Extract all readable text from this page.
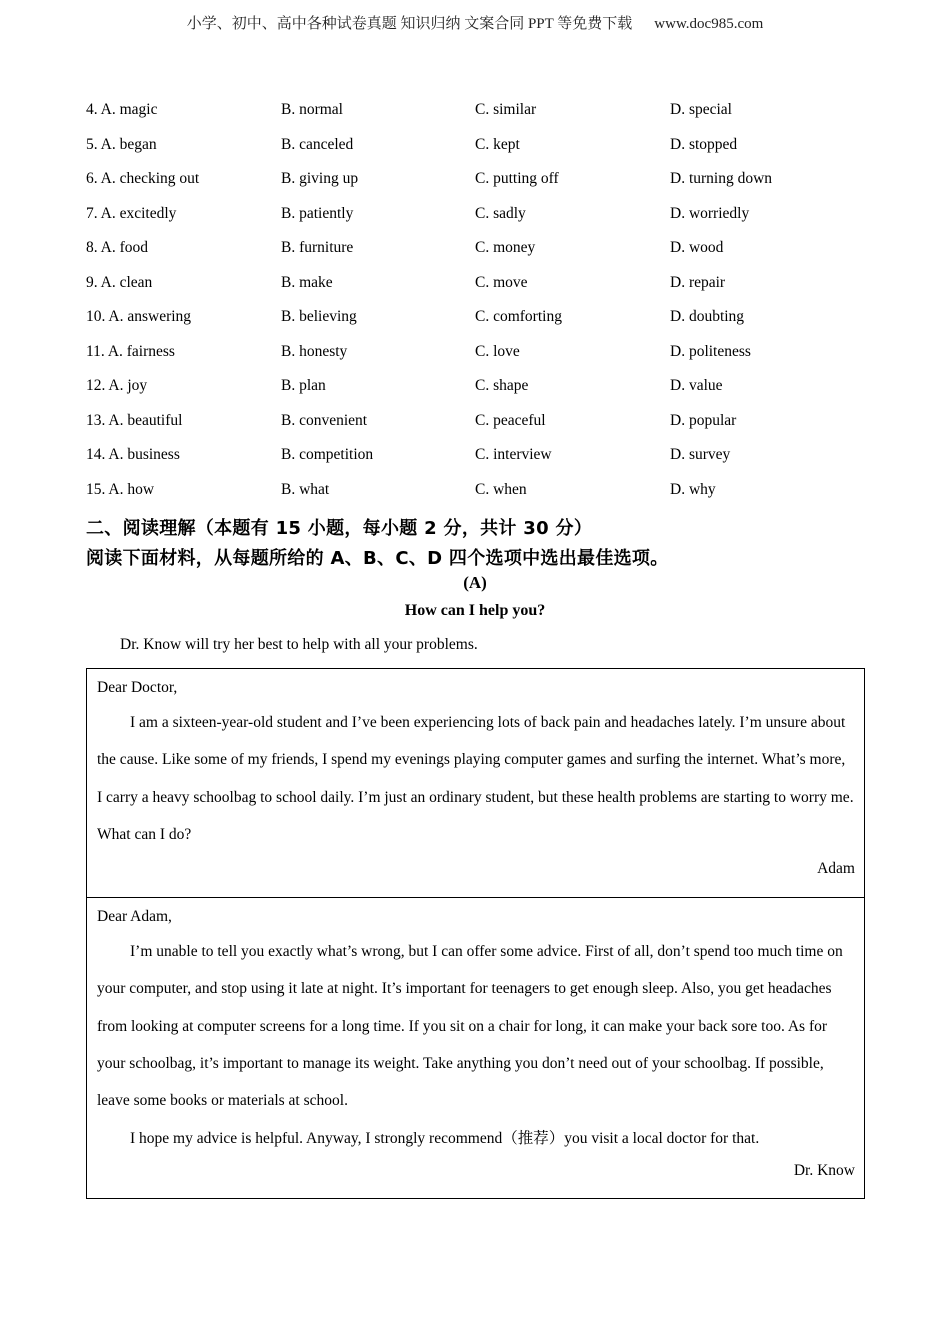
小学、初中、高中各种试卷真题 知识归纳 文案合同 PPT 等免费下载 www.doc985.com
4. A. magic	B. normal	C. similar	D. special
5. A. began	B. canceled	C. kept	D. stopped
6. A. checking out	B. giving up	C. putting off	D. turning down
7. A. excitedly	B. patiently	C. sadly	D. worriedly
8. A. food	B. furniture	C. money	D. wood
9. A. clean	B. make	C. move	D. repair
10. A. answering	B. believing	C. comforting	D. doubting
11. A. fairness	B. honesty	C. love	D. politeness
12. A. joy	B. plan	C. shape	D. value
13. A. beautiful	B. convenient	C. peaceful	D. popular
14. A. business	B. competition	C. interview	D. survey
15. A. how	B. what	C. when	D. why
二、阅读理解（本题有 15 小题，每小题 2 分，共计 30 分）
阅读下面材料，从每题所给的 A、B、C、D 四个选项中选出最佳选项。
(A)
How can I help you?
Dr. Know will try her best to help with all your problems.
Dear Doctor,

I am a sixteen-year-old student and I’ve been experiencing lots of back pain and headaches lately. I’m unsure about the cause. Like some of my friends, I spend my evenings playing computer games and surfing the internet. What’s more, I carry a heavy schoolbag to school daily. I’m just an ordinary student, but these health problems are starting to worry me. What can I do?

Adam
Dear Adam,

I’m unable to tell you exactly what’s wrong, but I can offer some advice. First of all, don’t spend too much time on your computer, and stop using it late at night. It’s important for teenagers to get enough sleep. Also, you get headaches from looking at computer screens for a long time. If you sit on a chair for long, it can make your back sore too. As for your schoolbag, it’s important to manage its weight. Take anything you don’t need out of your schoolbag. If possible, leave some books or materials at school.

I hope my advice is helpful. Anyway, I strongly recommend（推荐）you visit a local doctor for that.

Dr. Know
